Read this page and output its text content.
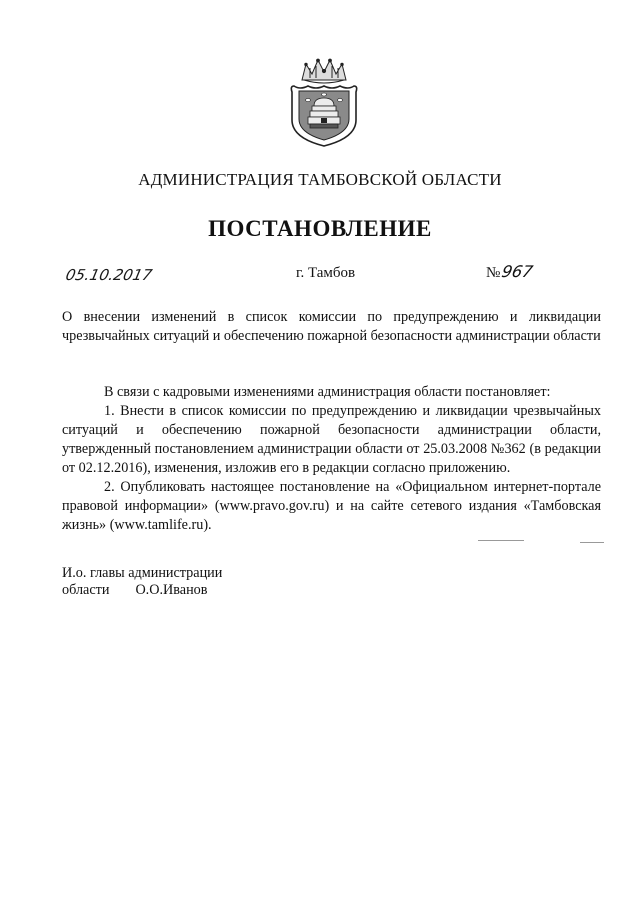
АДМИНИСТРАЦИЯ ТАМБОВСКОЙ ОБЛАСТИ
ПОСТАНОВЛЕНИЕ
05.10.2017	г. Тамбов	№967
О внесении изменений в список комиссии по предупреждению и ликвидации чрезвычайных ситуаций и обеспечению пожарной безопасности администрации области

В связи с кадровыми изменениями администрация области постановляет:

1. Внести в список комиссии по предупреждению и ликвидации чрезвычайных ситуаций и обеспечению пожарной безопасности администрации области, утвержденный постановлением администрации области от 25.03.2008 №362 (в редакции от 02.12.2016), изменения, изложив его в редакции согласно приложению.

2. Опубликовать настоящее постановление на «Официальном интернет-портале правовой информации» (www.pravo.gov.ru) и на сайте сетевого издания «Тамбовская жизнь» (www.tamlife.ru).

И.о. главы администрации
области О.О.Иванов
